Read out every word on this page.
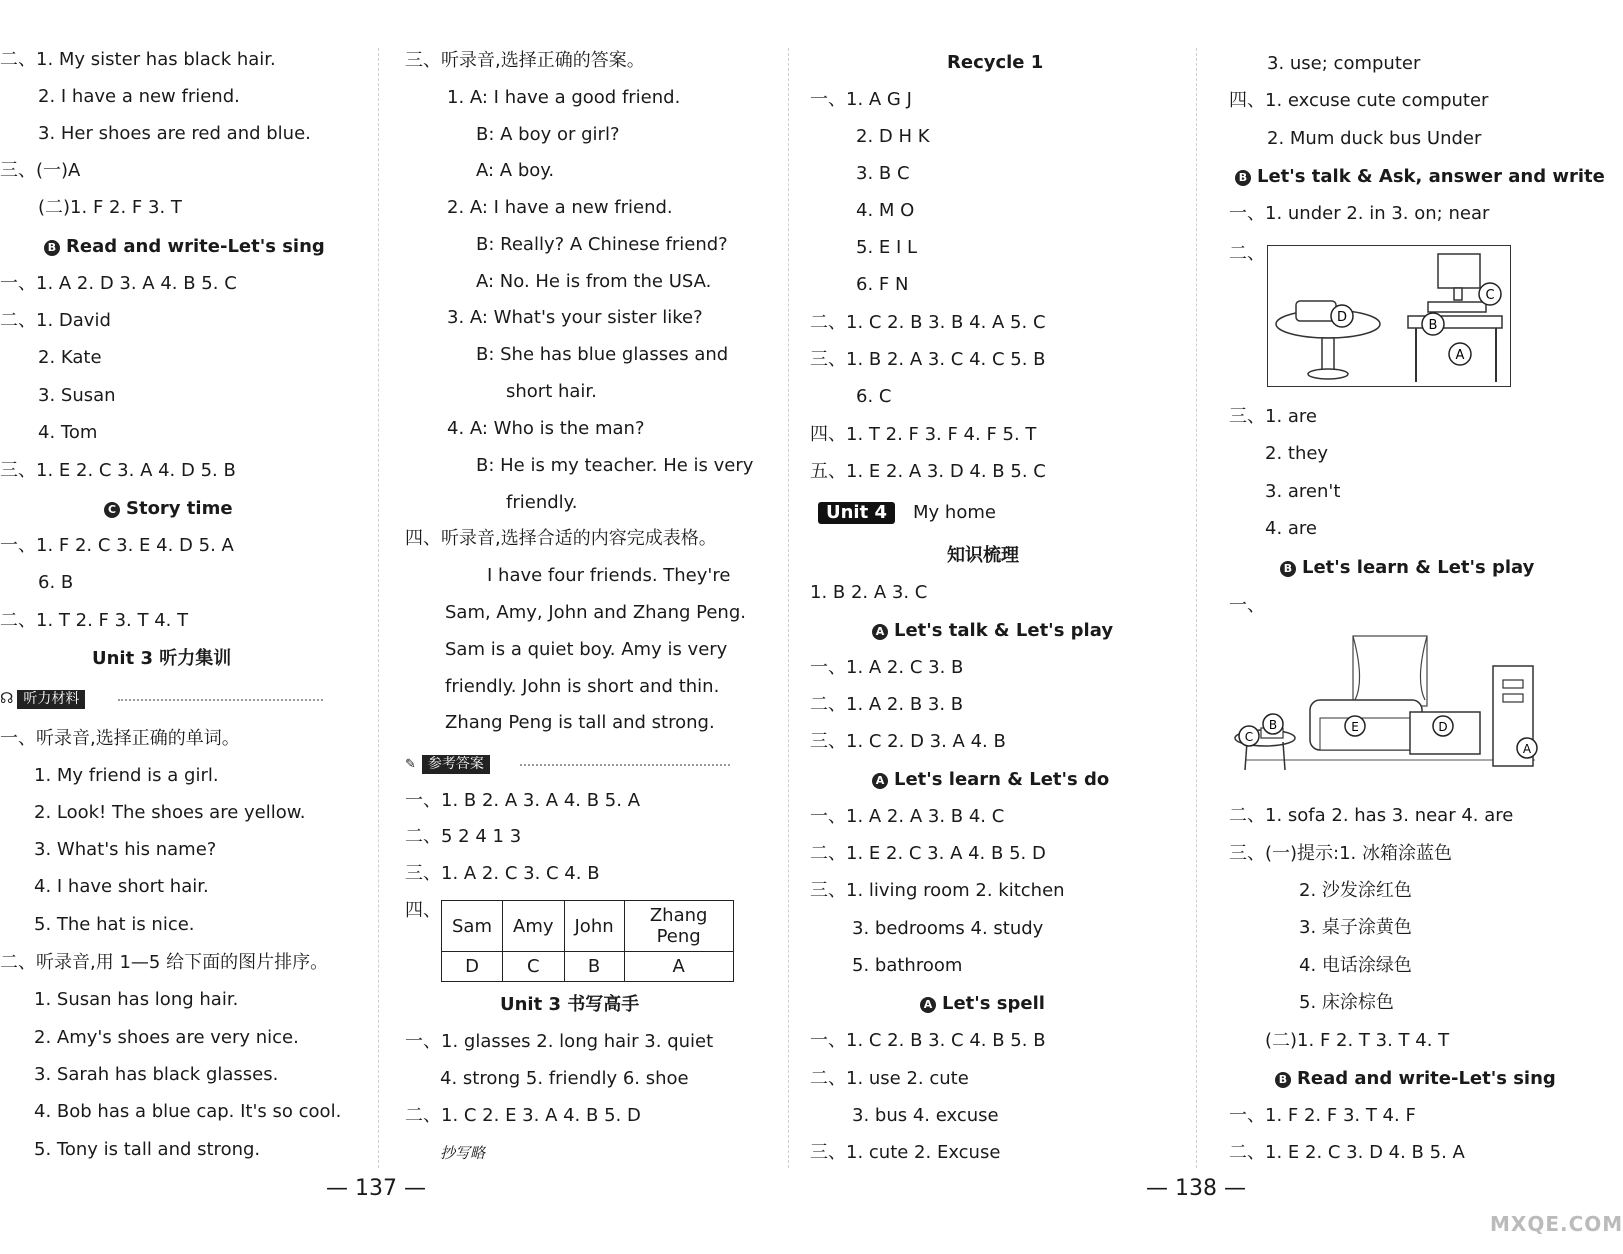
二、1. My sister has black hair.
2. I have a new friend.
3. Her shoes are red and blue.
三、(一)A
(二)1. F 2. F 3. T
B Read and write-Let's sing
一、1. A 2. D 3. A 4. B 5. C
二、1. David
2. Kate
3. Susan
4. Tom
三、1. E 2. C 3. A 4. D 5. B
C Story time
一、1. F 2. C 3. E 4. D 5. A
6. B
二、1. T 2. F 3. T 4. T
Unit 3 听力集训
☊ 听力材料
一、听录音,选择正确的单词。
1. My friend is a girl.
2. Look! The shoes are yellow.
3. What's his name?
4. I have short hair.
5. The hat is nice.
二、听录音,用 1—5 给下面的图片排序。
1. Susan has long hair.
2. Amy's shoes are very nice.
3. Sarah has black glasses.
4. Bob has a blue cap. It's so cool.
5. Tony is tall and strong.
三、听录音,选择正确的答案。
1. A: I have a good friend.
B: A boy or girl?
A: A boy.
2. A: I have a new friend.
B: Really? A Chinese friend?
A: No. He is from the USA.
3. A: What's your sister like?
B: She has blue glasses and
short hair.
4. A: Who is the man?
B: He is my teacher. He is very
friendly.
四、听录音,选择合适的内容完成表格。
I have four friends. They're
Sam, Amy, John and Zhang Peng.
Sam is a quiet boy. Amy is very
friendly. John is short and thin.
Zhang Peng is tall and strong.
✎ 参考答案
一、1. B 2. A 3. A 4. B 5. A
二、5 2 4 1 3
三、1. A 2. C 3. C 4. B
四、
Sam	Amy	John	Zhang Peng
D	C	B	A
Unit 3 书写高手
一、1. glasses 2. long hair 3. quiet
4. strong 5. friendly 6. shoe
二、1. C 2. E 3. A 4. B 5. D
抄写略
— 137 —
Recycle 1
一、1. A G J
2. D H K
3. B C
4. M O
5. E I L
6. F N
二、1. C 2. B 3. B 4. A 5. C
三、1. B 2. A 3. C 4. C 5. B
6. C
四、1. T 2. F 3. F 4. F 5. T
五、1. E 2. A 3. D 4. B 5. C
Unit 4 My home
知识梳理
1. B 2. A 3. C
A Let's talk & Let's play
一、1. A 2. C 3. B
二、1. A 2. B 3. B
三、1. C 2. D 3. A 4. B
A Let's learn & Let's do
一、1. A 2. A 3. B 4. C
二、1. E 2. C 3. A 4. B 5. D
三、1. living room 2. kitchen
3. bedrooms 4. study
5. bathroom
A Let's spell
一、1. C 2. B 3. C 4. B 5. B
二、1. use 2. cute
3. bus 4. excuse
三、1. cute 2. Excuse
3. use; computer
四、1. excuse cute computer
2. Mum duck bus Under
B Let's talk & Ask, answer and write
一、1. under 2. in 3. on; near
二、
D
B
C
A
三、1. are
2. they
3. aren't
4. are
B Let's learn & Let's play
一、
C
B	E	D
A
二、1. sofa 2. has 3. near 4. are
三、(一)提示:1. 冰箱涂蓝色
2. 沙发涂红色
3. 桌子涂黄色
4. 电话涂绿色
5. 床涂棕色
(二)1. F 2. T 3. T 4. T
B Read and write-Let's sing
一、1. F 2. F 3. T 4. F
二、1. E 2. C 3. D 4. B 5. A
— 138 —
MXQE.COM
